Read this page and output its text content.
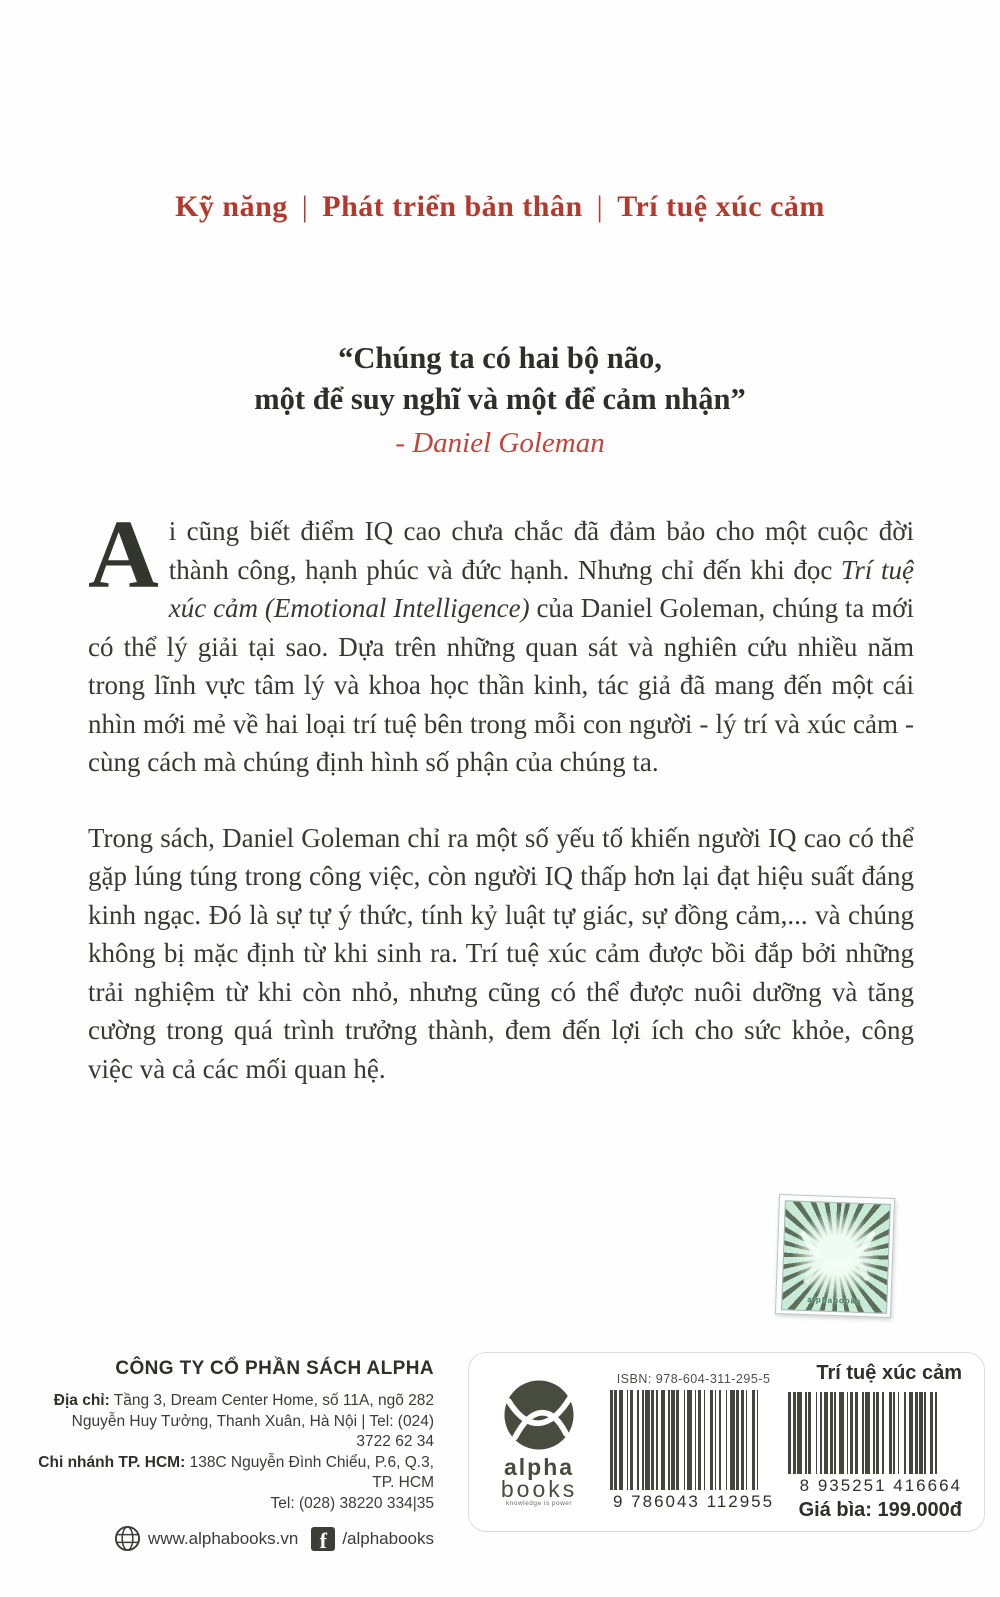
Kỹ năng | Phát triển bản thân | Trí tuệ xúc cảm
“Chúng ta có hai bộ não,
một để suy nghĩ và một để cảm nhận”
- Daniel Goleman

Ai cũng biết điểm IQ cao chưa chắc đã đảm bảo cho một cuộc đời thành công, hạnh phúc và đức hạnh. Nhưng chỉ đến khi đọc Trí tuệ xúc cảm (Emotional Intelligence) của Daniel Goleman, chúng ta mới có thể lý giải tại sao. Dựa trên những quan sát và nghiên cứu nhiều năm trong lĩnh vực tâm lý và khoa học thần kinh, tác giả đã mang đến một cái nhìn mới mẻ về hai loại trí tuệ bên trong mỗi con người - lý trí và xúc cảm - cùng cách mà chúng định hình số phận của chúng ta.

Trong sách, Daniel Goleman chỉ ra một số yếu tố khiến người IQ cao có thể gặp lúng túng trong công việc, còn người IQ thấp hơn lại đạt hiệu suất đáng kinh ngạc. Đó là sự tự ý thức, tính kỷ luật tự giác, sự đồng cảm,... và chúng không bị mặc định từ khi sinh ra. Trí tuệ xúc cảm được bồi đắp bởi những trải nghiệm từ khi còn nhỏ, nhưng cũng có thể được nuôi dưỡng và tăng cường trong quá trình trưởng thành, đem đến lợi ích cho sức khỏe, công việc và cả các mối quan hệ.

alphabooks
CÔNG TY CỔ PHẦN SÁCH ALPHA
Địa chỉ: Tầng 3, Dream Center Home, số 11A, ngõ 282
Nguyễn Huy Tưởng, Thanh Xuân, Hà Nội | Tel: (024) 3722 62 34
Chi nhánh TP. HCM: 138C Nguyễn Đình Chiểu, P.6, Q.3, TP. HCM
Tel: (028) 38220 334|35
www.alphabooks.vn f	/alphabooks
alpha
books
knowledge is power
ISBN: 978-604-311-295-5
9 786043 112955
Trí tuệ xúc cảm
8 935251 416664
Giá bìa: 199.000đ
